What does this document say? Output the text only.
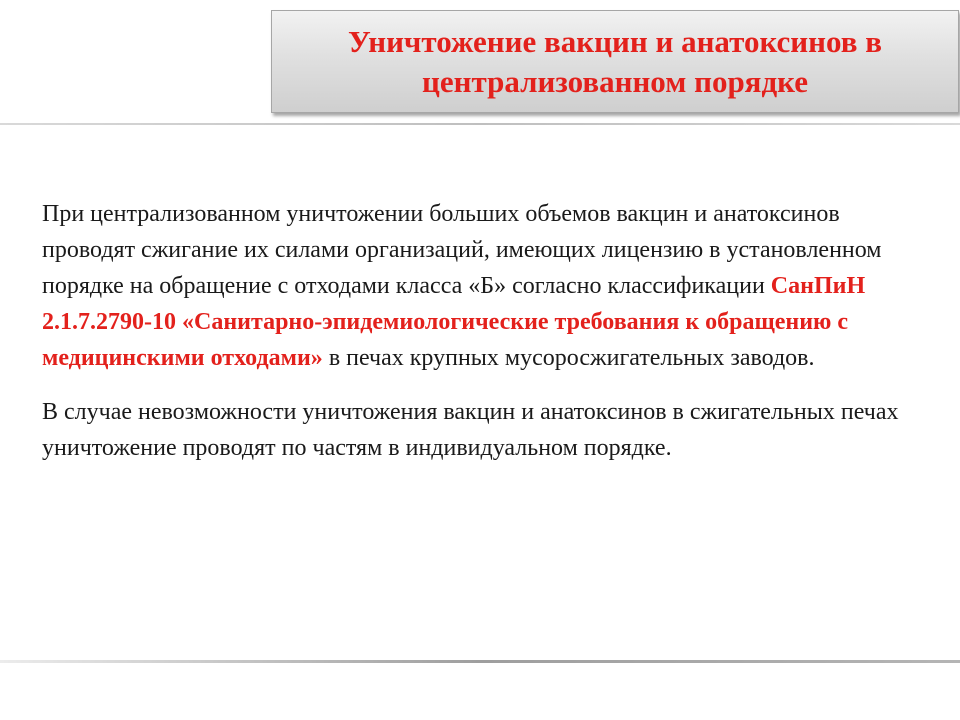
Уничтожение вакцин и анатоксинов в централизованном порядке

При централизованном уничтожении больших объемов вакцин и анатоксинов проводят сжигание их силами организаций, имеющих лицензию в установленном порядке на обращение с отходами класса «Б» согласно классификации СанПиН 2.1.7.2790-10 «Санитарно-эпидемиологические требования к обращению с медицинскими отходами» в печах крупных мусоросжигательных заводов.

В случае невозможности уничтожения вакцин и анатоксинов в сжигательных печах уничтожение проводят по частям в индивидуальном порядке.
